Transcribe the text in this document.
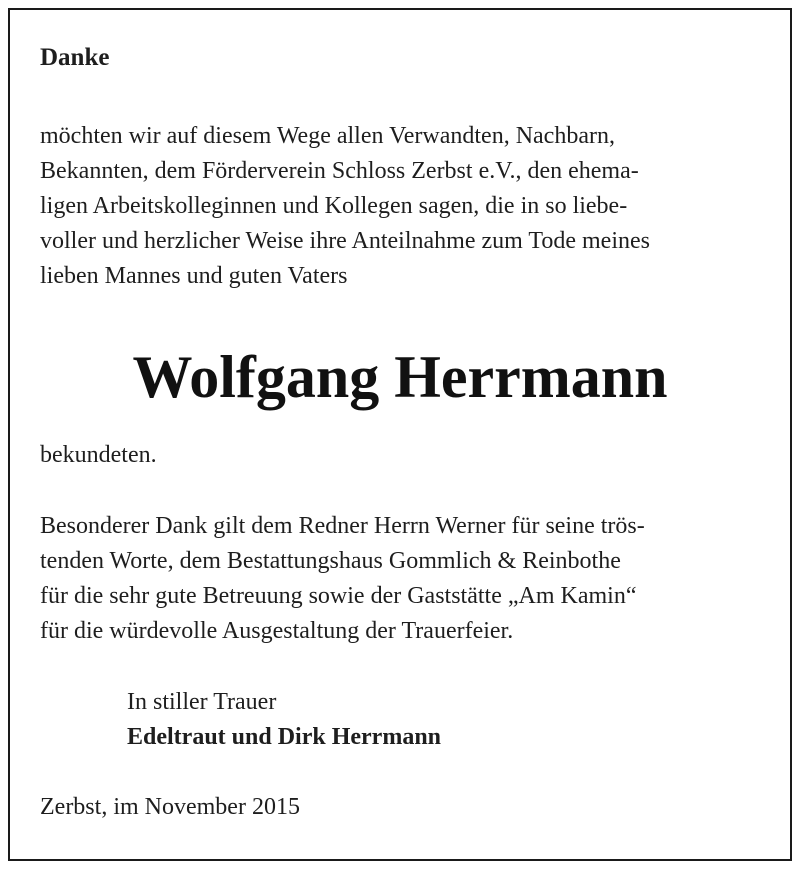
Danke

möchten wir auf diesem Wege allen Verwandten, Nachbarn,

Bekannten, dem Förderverein Schloss Zerbst e.V., den ehema-

ligen Arbeitskolleginnen und Kollegen sagen, die in so liebe-

voller und herzlicher Weise ihre Anteilnahme zum Tode meines

lieben Mannes und guten Vaters

Wolfgang Herrmann

bekundeten.

Besonderer Dank gilt dem Redner Herrn Werner für seine trös-

tenden Worte, dem Bestattungshaus Gommlich & Reinbothe

für die sehr gute Betreuung sowie der Gaststätte „Am Kamin“

für die würdevolle Ausgestaltung der Trauerfeier.

In stiller Trauer

Edeltraut und Dirk Herrmann

Zerbst, im November 2015
